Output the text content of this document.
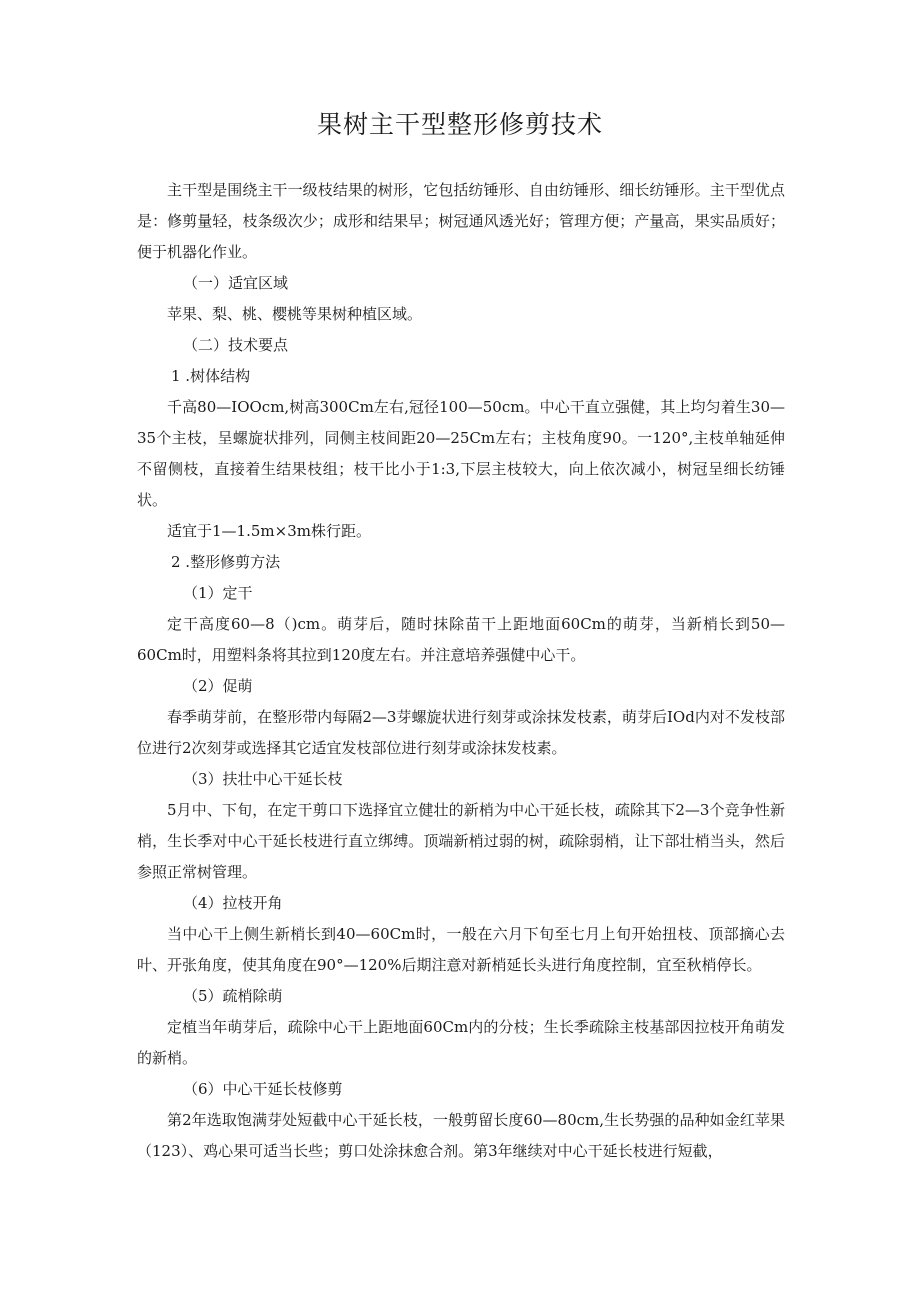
果树主干型整形修剪技术

主干型是围绕主干一级枝结果的树形，它包括纺锤形、自由纺锤形、细长纺锤形。主干型优点是：修剪量轻，枝条级次少；成形和结果早；树冠通风透光好；管理方便；产量高，果实品质好；便于机器化作业。

（一）适宜区域

苹果、梨、桃、樱桃等果树种植区域。

（二）技术要点

1 .树体结构

千高80—IOOcm,树高300Cm左右,冠径100—50cm。中心干直立强健，其上均匀着生30—35个主枝，呈螺旋状排列，同侧主枝间距20—25Cm左右；主枝角度90。一120°,主枝单轴延伸不留侧枝，直接着生结果枝组；枝干比小于1:3,下层主枝较大，向上依次减小，树冠呈细长纺锤状。

适宜于1—1.5m×3m株行距。

2 .整形修剪方法

（1）定干

定干高度60—8（)cm。萌芽后，随时抹除苗干上距地面60Cm的萌芽，当新梢长到50—60Cm时，用塑料条将其拉到120度左右。并注意培养强健中心干。

（2）促萌

春季萌芽前，在整形带内每隔2—3芽螺旋状进行刻芽或涂抹发枝素，萌芽后IOd内对不发枝部位进行2次刻芽或选择其它适宜发枝部位进行刻芽或涂抹发枝素。

（3）扶壮中心干延长枝

5月中、下旬，在定干剪口下选择宜立健壮的新梢为中心干延长枝，疏除其下2—3个竞争性新梢，生长季对中心干延长枝进行直立绑缚。顶端新梢过弱的树，疏除弱梢，让下部壮梢当头，然后参照正常树管理。

（4）拉枝开角

当中心干上侧生新梢长到40—60Cm时，一般在六月下旬至七月上旬开始扭枝、顶部摘心去叶、开张角度，使其角度在90°—120%后期注意对新梢延长头进行角度控制，宜至秋梢停长。

（5）疏梢除萌

定植当年萌芽后，疏除中心干上距地面60Cm内的分枝；生长季疏除主枝基部因拉枝开角萌发的新梢。

（6）中心干延长枝修剪

第2年选取饱满芽处短截中心干延长枝，一般剪留长度60—80cm,生长势强的品种如金红苹果（123）、鸡心果可适当长些；剪口处涂抹愈合剂。第3年继续对中心干延长枝进行短截，
